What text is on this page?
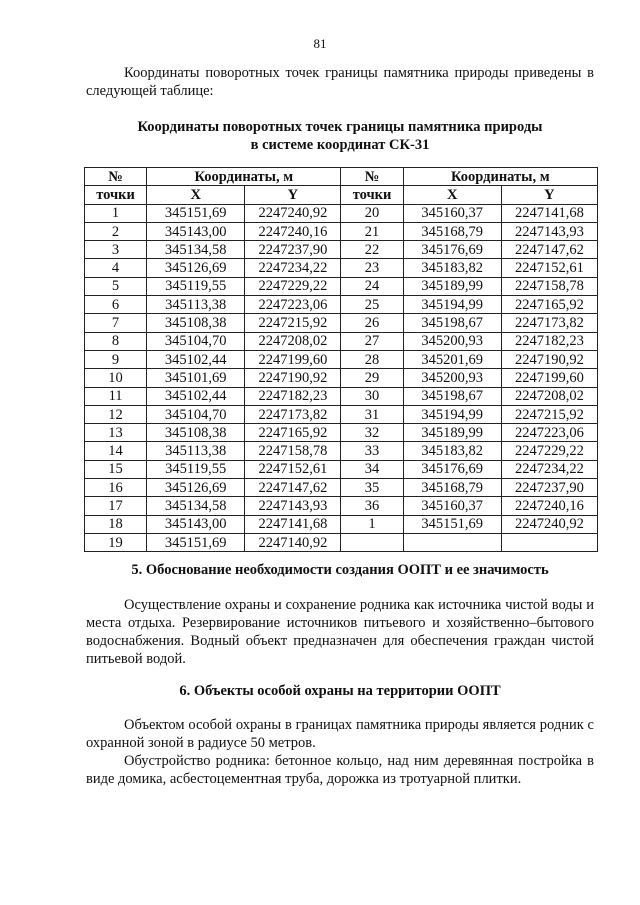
81
Координаты поворотных точек границы памятника природы приведены в следующей таблице:
Координаты поворотных точек границы памятника природы
в системе координат СК-31
№	Координаты, м		№	Координаты, м	
точки	X	Y	точки	X	Y
1	345151,69	2247240,92	20	345160,37	2247141,68
2	345143,00	2247240,16	21	345168,79	2247143,93
3	345134,58	2247237,90	22	345176,69	2247147,62
4	345126,69	2247234,22	23	345183,82	2247152,61
5	345119,55	2247229,22	24	345189,99	2247158,78
6	345113,38	2247223,06	25	345194,99	2247165,92
7	345108,38	2247215,92	26	345198,67	2247173,82
8	345104,70	2247208,02	27	345200,93	2247182,23
9	345102,44	2247199,60	28	345201,69	2247190,92
10	345101,69	2247190,92	29	345200,93	2247199,60
11	345102,44	2247182,23	30	345198,67	2247208,02
12	345104,70	2247173,82	31	345194,99	2247215,92
13	345108,38	2247165,92	32	345189,99	2247223,06
14	345113,38	2247158,78	33	345183,82	2247229,22
15	345119,55	2247152,61	34	345176,69	2247234,22
16	345126,69	2247147,62	35	345168,79	2247237,90
17	345134,58	2247143,93	36	345160,37	2247240,16
18	345143,00	2247141,68	1	345151,69	2247240,92
19	345151,69	2247140,92			
5. Обоснование необходимости создания ООПТ и ее значимость
Осуществление охраны и сохранение родника как источника чистой воды и места отдыха. Резервирование источников питьевого и хозяйственно–бытового водоснабжения. Водный объект предназначен для обеспечения граждан чистой питьевой водой.
6. Объекты особой охраны на территории ООПТ
Объектом особой охраны в границах памятника природы является родник с охранной зоной в радиусе 50 метров.
Обустройство родника: бетонное кольцо, над ним деревянная постройка в виде домика, асбестоцементная труба, дорожка из тротуарной плитки.
